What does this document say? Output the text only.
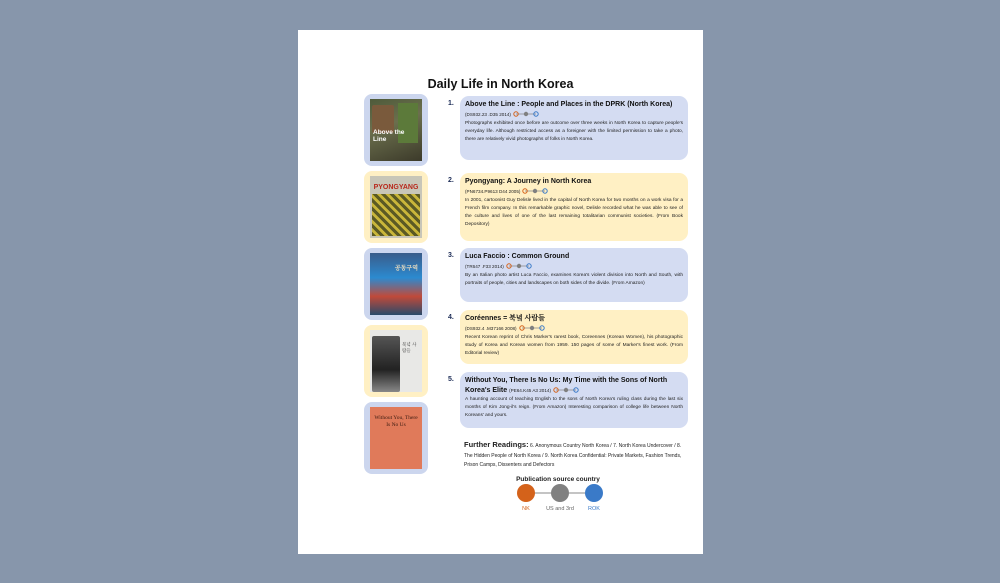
Daily Life in North Korea
Above the Line
PYONGYANG
공동구역
북녘 사람들
Without You, There Is No Us
1. Above the Line : People and Places in the DPRK (North Korea) (DS932.23 .D35 2014)
Photographs exhibited once before are outcome over three weeks in North Korea to capture people's everyday life. Although restricted access as a foreigner with the limited permission to take a photo, there are relatively vivid photographs of folks in North Korea.
2. Pyongyang: A Journey in North Korea
(PN6734.P9613 D44 2005)
In 2001, cartoonist Guy Delisle lived in the capital of North Korea for two months on a work visa for a French film company. In this remarkable graphic novel, Delisle recorded what he was able to see of the culture and lives of one of the last remaining totalitarian communist societies. (From Book Depository)
3. Luca Faccio : Common Ground
(TR647 .F33 2014)
By an Italian photo artist Luca Faccio, examines Korea's violent division into North and South, with portraits of people, cities and landscapes on both sides of the divide. (From Amazon)
4. Coréennes = 북녘 사람들
(DS932.4 .M37166 2008)
Recent Korean reprint of Chris Marker's rarest book, Coreennes (Korean Women), his photographic study of Korea and Korean women from 1959. 150 pages of some of Marker's finest work. (From Editorial review)
5. Without You, There Is No Us: My Time with the Sons of North Korea's Elite (PE64.K45 A3 2014)
A haunting account of teaching English to the sons of North Korea's ruling class during the last six months of Kim Jong-il's reign. (From Amazon) Interesting comparison of college life between North Koreans' and yours.
Further Readings: 6. Anonymous Country North Korea / 7. North Korea Undercover / 8. The Hidden People of North Korea / 9. North Korea Confidential: Private Markets, Fashion Trends, Prison Camps, Dissenters and Defectors
Publication source country
NK	US and 3rd	ROK
